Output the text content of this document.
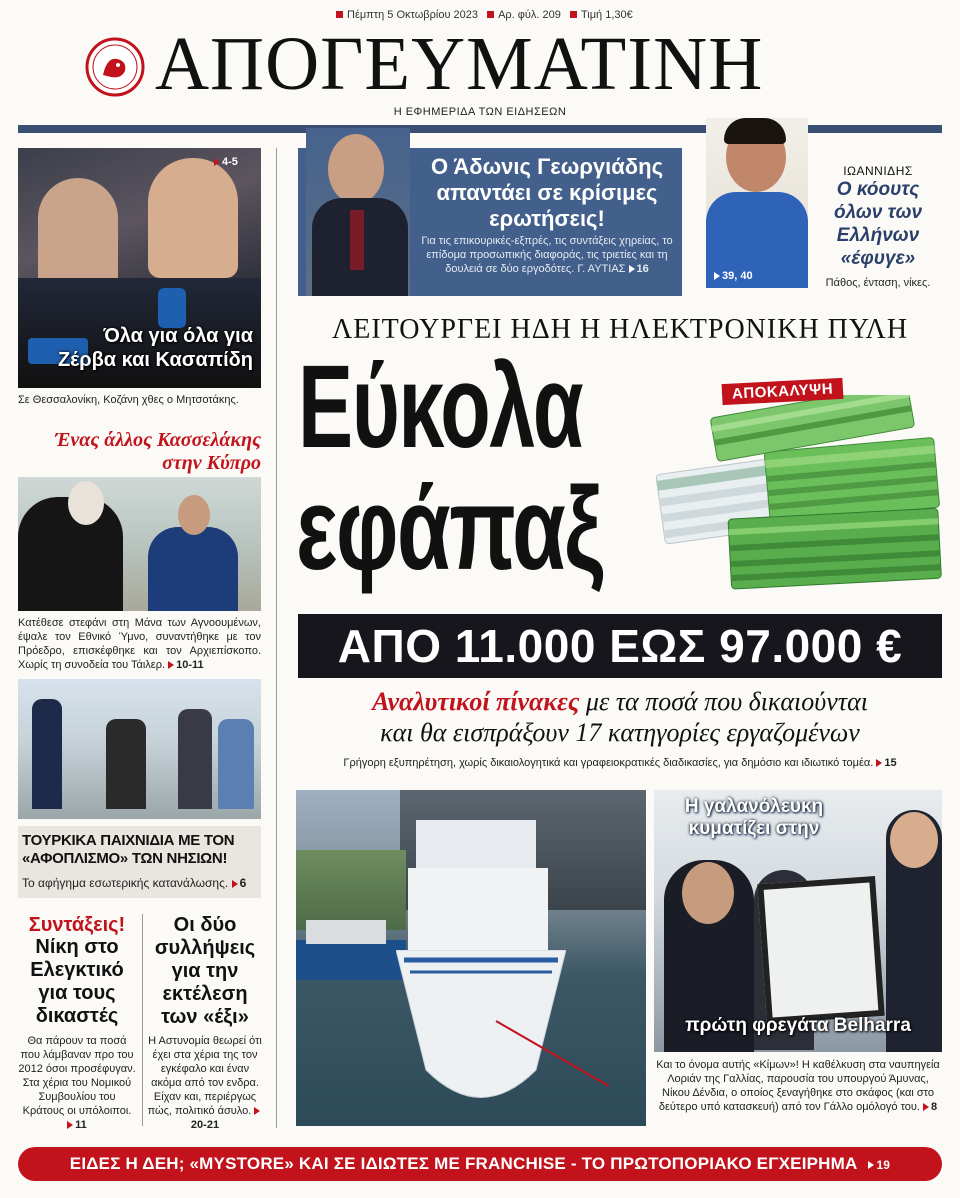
Πέμπτη 5 Οκτωβρίου 2023 Αρ. φύλ. 209 Τιμή 1,30€
ΑΠΟΓΕΥΜΑΤΙΝΗ
Η ΕΦΗΜΕΡΙΔΑ ΤΩΝ ΕΙΔΗΣΕΩΝ
4-5
Όλα για όλα για Ζέρβα και Κασαπίδη
Σε Θεσσαλονίκη, Κοζάνη χθες ο Μητσοτάκης.
Ένας άλλος Κασσελάκης στην Κύπρο
Κατέθεσε στεφάνι στη Μάνα των Αγνοουμένων, έψαλε τον Εθνικό Ύμνο, συναντήθηκε με τον Πρόεδρο, επισκέφθηκε και τον Αρχιεπίσκοπο. Χωρίς τη συνοδεία του Τάιλερ. 10-11
ΤΟΥΡΚΙΚΑ ΠΑΙΧΝΙΔΙΑ ΜΕ ΤΟΝ «ΑΦΟΠΛΙΣΜΟ» ΤΩΝ ΝΗΣΙΩΝ!
Το αφήγημα εσωτερικής κατανάλωσης. 6
Συντάξεις!
Νίκη στο Ελεγκτικό για τους δικαστές
Θα πάρουν τα ποσά που λάμβαναν προ του 2012 όσοι προσέφυγαν. Στα χέρια του Νομικού Συμβουλίου του Κράτους οι υπόλοιποι. 11
Οι δύο συλλήψεις για την εκτέλεση των «έξι»
Η Αστυνομία θεωρεί ότι έχει στα χέρια της τον εγκέφαλο και έναν ακόμα από τον ενδρα. Είχαν και, περιέργως πώς, πολιτικό άσυλο. 20-21
Ο Άδωνις Γεωργιάδης απαντάει σε κρίσιμες ερωτήσεις!
Για τις επικουρικές-εξπρές, τις συντάξεις χηρείας, το επίδομα προσωπικής διαφοράς, τις τριετίες και τη δουλειά σε δύο εργοδότες. Γ. ΑΥΤΙΑΣ 16
39, 40
ΙΩΑΝΝΙΔΗΣ
Ο κόουτς όλων των Ελλήνων «έφυγε»
Πάθος, ένταση, νίκες.
ΛΕΙΤΟΥΡΓΕΙ ΗΔΗ Η ΗΛΕΚΤΡΟΝΙΚΗ ΠΥΛΗ
Εύκολα
εφάπαξ
ΑΠΟΚΑΛΥΨΗ
ΑΠΟ 11.000 ΕΩΣ 97.000 €
Αναλυτικοί πίνακες με τα ποσά που δικαιούνται
και θα εισπράξουν 17 κατηγορίες εργαζομένων
Γρήγορη εξυπηρέτηση, χωρίς δικαιολογητικά και γραφειοκρατικές διαδικασίες, για δημόσιο και ιδιωτικό τομέα. 15
Η γαλανόλευκη κυματίζει στην
πρώτη φρεγάτα Belharra
Και το όνομα αυτής «Κίμων»! Η καθέλκυση στα ναυπηγεία Λοριάν της Γαλλίας, παρουσία του υπουργού Άμυνας, Νίκου Δένδια, ο οποίος ξεναγήθηκε στο σκάφος (και στο δεύτερο υπό κατασκευή) από τον Γάλλο ομόλογό του. 8
ΕΙΔΕΣ Η ΔΕΗ; «MYSTORE» ΚΑΙ ΣΕ ΙΔΙΩΤΕΣ ΜΕ FRANCHISE - ΤΟ ΠΡΩΤΟΠΟΡΙΑΚΟ ΕΓΧΕΙΡΗΜΑ 19
